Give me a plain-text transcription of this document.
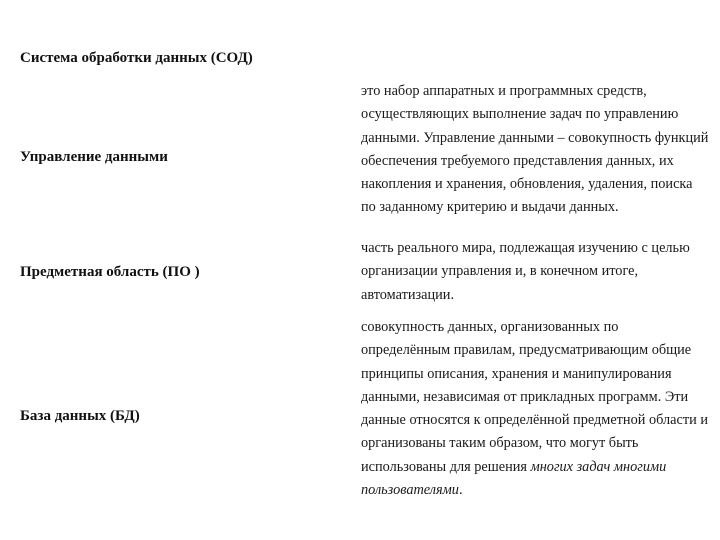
Система обработки данных (СОД)
это набор аппаратных и программных средств, осуществляющих выполнение задач по управлению данными. Управление данными – совокупность функций обеспечения требуемого представления данных, их накопления и хранения, обновления, удаления, поиска по заданному критерию и выдачи данных.
Управление данными
часть реального мира, подлежащая изучению с целью организации управления и, в конечном итоге, автоматизации.
Предметная область (ПО )
совокупность данных, организованных по определённым правилам, предусматривающим общие принципы описания, хранения и манипулирования данными, независимая от прикладных программ. Эти данные относятся к определённой предметной области и организованы таким образом, что могут быть использованы для решения многих задач многими пользователями.
База данных (БД)
